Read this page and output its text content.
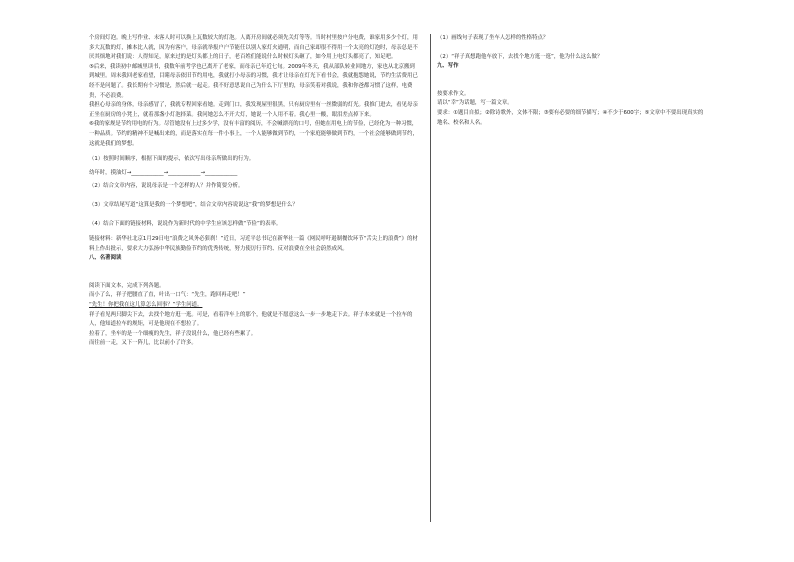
个房间灯泡。晚上写作业、未客人时可以换上瓦数较大的灯泡。人离开房间就必须先关灯等等。当时村里按户分电费，谁家用多少个灯，用多大瓦数的灯，摊本比人就，因为有客户，母亲就举报户户节能任以别人家灯火通明，而自己家却很不得用一个太亮的灯泡时，母亲总是不厌其烦地对我们说：人得知足，原来过的是灯头都上的日子，老百姓们能说什么时候灯头砸了，如今用上电灯头都亮了，知足吧。

⑤后来，我读初中邮城里读书，我数年前考学也已离开了老家，而母亲已年近七旬。2009年冬天，我从部队转业回地方，家也从北京搬到到城里。周末我回老家看望，目睹母亲依旧节约用电，我就打小母亲的习惯，我才让母亲在灯光下看书会，我就抱怨她说，节约生活费用已经不是问题了。我长期有个习惯是，然后就一起走。我不好意思说自己为什么下厅里的，母亲笑着对我说，我和你爸都习惯了这样，电费贵，不必浪费。

我担心母亲的身体，母亲感冒了，我就专程回家看她。走到门口，我发现屋里很黑，只有厨房里有一丝微弱的灯光。我推门进去，看见母亲正坐在厨房的小凳上，就着那盏小灯泡择菜。我问她怎么不开大灯，她说一个人用不着。我心里一酸，眼泪差点掉下来。

⑥我的家规是节约用电的行为。尽管她没有上过多少学，没有丰富的阅历，不会喊漂亮的口号，但她在用电上的节俭，已经化为一种习惯，一种品质。节约的精神不是喊出来的，而是落实在每一件小事上，一个人能够做到节约，一个家庭能够做到节约，一个社会能够做到节约，这就是我们的梦想。

（1）按照时间顺序，根据下面的提示，依次写出母亲所做出的行为。

幼年时，摸油灯→____________→____________→____________

（2）结合文章内容，说说母亲是一个怎样的人？并作简要分析。

（3）文章结尾写道“这算是我的一个梦想吧”，结合文章内容说说这“我”的梦想是什么？

（4）结合下面的链接材料，说说作为新时代的中学生应该怎样做“节俭”的表率。

链接材料：新华社北京1月29日电“浪费之风务必狠刹！”近日，习近平总书记在新华社一篇《网民呼吁遏制餐饮环节“舌尖上的浪费”》的材料上作出批示，要求大力弘扬中华民族勤俭节约的优秀传统，努力使厉行节约、反对浪费在全社会蔚然成风。

八、名著阅读

阅读下面文本，完成下列各题。

而小了么，祥子把腰直了直，叶出一口气：“先生，跑回再走吧！”

“先生！你把我在这儿算怎么回事？”学生问道。

祥子看见两只脚尖下去，去找个地方逛一逛。可是，看着洋车上的那个，他就是不愿意这么一步一步地走下去。祥子本来就是一个拉车的人，他知道拉车的规矩，可是他现在不想拉了。

拉着了，坐车的是一个细瘦的先生，祥子没说什么，他已经有些累了。

而往前一走，又下一阵儿，比以前小了许多。

（1）画线句子表现了坐车人怎样的性格特点？

（2）“祥子真想跑他车放下，去找个地方逛一逛”，他为什么这么做？

九、写作

按要求作文。

请以“幸”为话题，写一篇文章。

要求：①题目自拟；②除诗歌外，文体不限；③要有必要的细节描写；④不少于600字；⑤文章中不要出现真实的地名、校名和人名。
